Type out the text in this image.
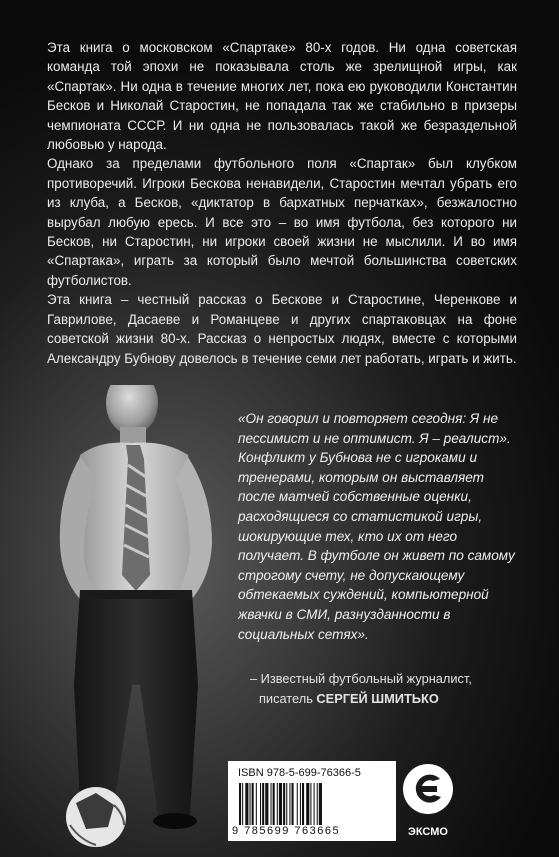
Эта книга о московском «Спартаке» 80-х годов. Ни одна советская команда той эпохи не показывала столь же зрелищной игры, как «Спартак». Ни одна в течение многих лет, пока ею руководили Константин Бесков и Николай Старостин, не попадала так же стабильно в призеры чемпионата СССР. И ни одна не пользовалась такой же безраздельной любовью у народа.

Однако за пределами футбольного поля «Спартак» был клубком противоречий. Игроки Бескова ненавидели, Старостин мечтал убрать его из клуба, а Бесков, «диктатор в бархатных перчатках», безжалостно вырубал любую ересь. И все это – во имя футбола, без которого ни Бесков, ни Старостин, ни игроки своей жизни не мыслили. И во имя «Спартака», играть за который было мечтой большинства советских футболистов.

Эта книга – честный рассказ о Бескове и Старостине, Черенкове и Гаврилове, Дасаеве и Романцеве и других спартаковцах на фоне советской жизни 80-х. Рассказ о непростых людях, вместе с которыми Александру Бубнову довелось в течение семи лет работать, играть и жить.

«Он говорил и повторяет сегодня: Я не пессимист и не оптимист. Я – реалист». Конфликт у Бубнова не с игроками и тренерами, которым он выставляет после матчей собственные оценки, расходящиеся со статистикой игры, шокирующие тех, кто их от него получает. В футболе он живет по самому строгому счету, не допускающему обтекаемых суждений, компьютерной жвачки в СМИ, разнузданности в социальных сетях».
– Известный футбольный журналист,
писатель СЕРГЕЙ ШМИТЬКО
ISBN 978-5-699-76366-5
9 785699 763665	ЭКСМО
